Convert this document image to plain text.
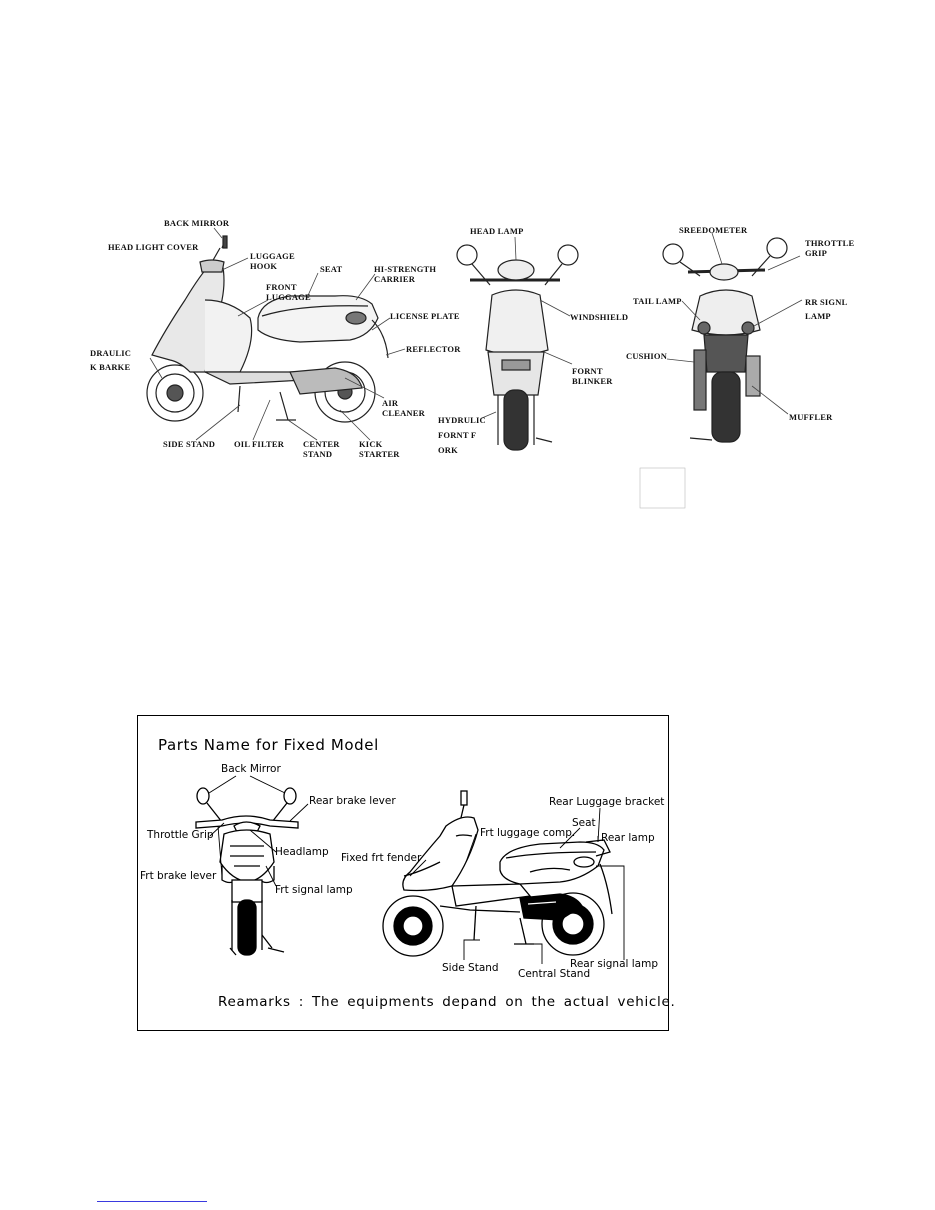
BACK MIRROR
HEAD LIGHT COVER
LUGGAGE
HOOK
FRONT
LUGGAGE
SEAT	HI-STRENGTH
CARRIER
LICENSE PLATE
REFLECTOR
DRAULIC
K BARKE
AIR
CLEANER
SIDE STAND OIL FILTER CENTER
STAND
KICK
STARTER
HEAD LAMP
WINDSHIELD
FORNT
BLINKER
HYDRULIC
FORNT F
ORK
SREEDOMETER
THROTTLE
GRIP
TAIL LAMP	RR SIGNL
LAMP
CUSHION
MUFFLER
Parts Name for Fixed Model
Back Mirror
Rear brake lever
Throttle Grip
Headlamp
Frt brake lever
Frt signal lamp
Rear Luggage bracket
Frt luggage comp.
Seat
Rear lamp
Fixed frt fender
Side Stand Central Stand
Rear signal lamp
Reamarks : The equipments depand on the actual vehicle.
